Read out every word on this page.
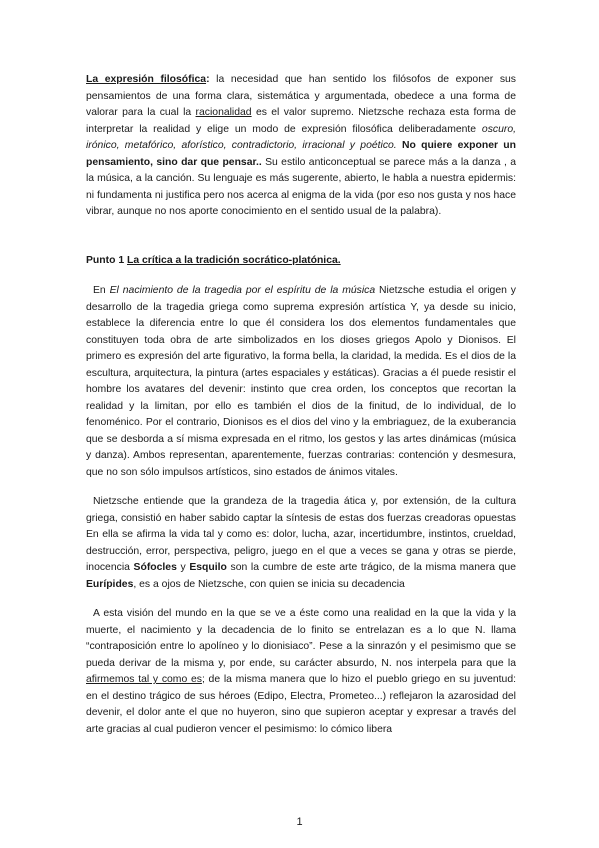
La expresión filosófica: la necesidad que han sentido los filósofos de exponer sus pensamientos de una forma clara, sistemática y argumentada, obedece a una forma de valorar para la cual la racionalidad es el valor supremo. Nietzsche rechaza esta forma de interpretar la realidad y elige un modo de expresión filosófica deliberadamente oscuro, irónico, metafórico, aforístico, contradictorio, irracional y poético. No quiere exponer un pensamiento, sino dar que pensar.. Su estilo anticonceptual se parece más a la danza , a la música, a la canción. Su lenguaje es más sugerente, abierto, le habla a nuestra epidermis: ni fundamenta ni justifica pero nos acerca al enigma de la vida (por eso nos gusta y nos hace vibrar, aunque no nos aporte conocimiento en el sentido usual de la palabra).

Punto 1 La crítica a la tradición socrático-platónica.

En El nacimiento de la tragedia por el espíritu de la música Nietzsche estudia el origen y desarrollo de la tragedia griega como suprema expresión artística Y, ya desde su inicio, establece la diferencia entre lo que él considera los dos elementos fundamentales que constituyen toda obra de arte simbolizados en los dioses griegos Apolo y Dionisos. El primero es expresión del arte figurativo, la forma bella, la claridad, la medida. Es el dios de la escultura, arquitectura, la pintura (artes espaciales y estáticas). Gracias a él puede resistir el hombre los avatares del devenir: instinto que crea orden, los conceptos que recortan la realidad y la limitan, por ello es también el dios de la finitud, de lo individual, de lo fenoménico. Por el contrario, Dionisos es el dios del vino y la embriaguez, de la exuberancia que se desborda a sí misma expresada en el ritmo, los gestos y las artes dinámicas (música y danza). Ambos representan, aparentemente, fuerzas contrarias: contención y desmesura, que no son sólo impulsos artísticos, sino estados de ánimos vitales.

Nietzsche entiende que la grandeza de la tragedia ática y, por extensión, de la cultura griega, consistió en haber sabido captar la síntesis de estas dos fuerzas creadoras opuestas En ella se afirma la vida tal y como es: dolor, lucha, azar, incertidumbre, instintos, crueldad, destrucción, error, perspectiva, peligro, juego en el que a veces se gana y otras se pierde, inocencia Sófocles y Esquilo son la cumbre de este arte trágico, de la misma manera que Eurípides, es a ojos de Nietzsche, con quien se inicia su decadencia

A esta visión del mundo en la que se ve a éste como una realidad en la que la vida y la muerte, el nacimiento y la decadencia de lo finito se entrelazan es a lo que N. llama “contraposición entre lo apolíneo y lo dionisiaco”. Pese a la sinrazón y el pesimismo que se pueda derivar de la misma y, por ende, su carácter absurdo, N. nos interpela para que la afirmemos tal y como es; de la misma manera que lo hizo el pueblo griego en su juventud: en el destino trágico de sus héroes (Edipo, Electra, Prometeo...) reflejaron la azarosidad del devenir, el dolor ante el que no huyeron, sino que supieron aceptar y expresar a través del arte gracias al cual pudieron vencer el pesimismo: lo cómico libera

1
